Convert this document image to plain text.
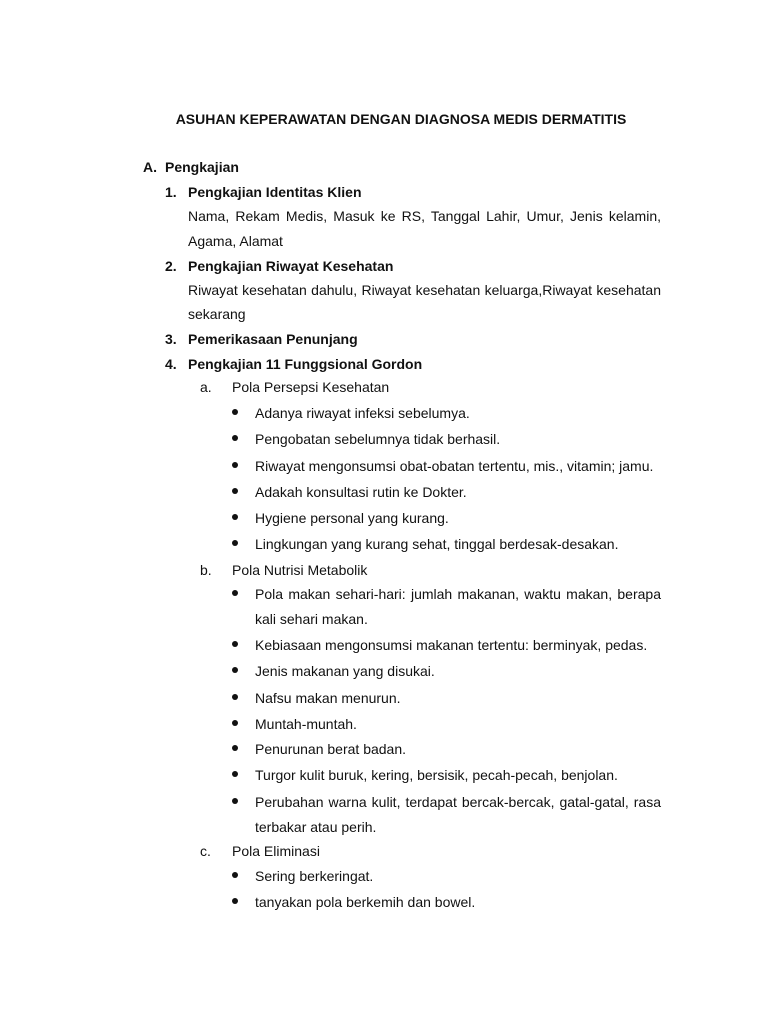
ASUHAN KEPERAWATAN DENGAN DIAGNOSA MEDIS DERMATITIS
A. Pengkajian
1. Pengkajian Identitas Klien
Nama, Rekam Medis, Masuk ke RS, Tanggal Lahir, Umur, Jenis kelamin,
Agama, Alamat
2. Pengkajian Riwayat Kesehatan
Riwayat kesehatan dahulu, Riwayat kesehatan keluarga,Riwayat kesehatan
sekarang
3. Pemerikasaan Penunjang
4. Pengkajian 11 Funggsional Gordon
a. Pola Persepsi Kesehatan
Adanya riwayat infeksi sebelumya.
Pengobatan sebelumnya tidak berhasil.
Riwayat mengonsumsi obat-obatan tertentu, mis., vitamin; jamu.
Adakah konsultasi rutin ke Dokter.
Hygiene personal yang kurang.
Lingkungan yang kurang sehat, tinggal berdesak-desakan.
b. Pola Nutrisi Metabolik
Pola makan sehari-hari: jumlah makanan, waktu makan, berapa
kali sehari makan.
Kebiasaan mengonsumsi makanan tertentu: berminyak, pedas.
Jenis makanan yang disukai.
Nafsu makan menurun.
Muntah-muntah.
Penurunan berat badan.
Turgor kulit buruk, kering, bersisik, pecah-pecah, benjolan.
Perubahan warna kulit, terdapat bercak-bercak, gatal-gatal, rasa
terbakar atau perih.
c. Pola Eliminasi
Sering berkeringat.
tanyakan pola berkemih dan bowel.
